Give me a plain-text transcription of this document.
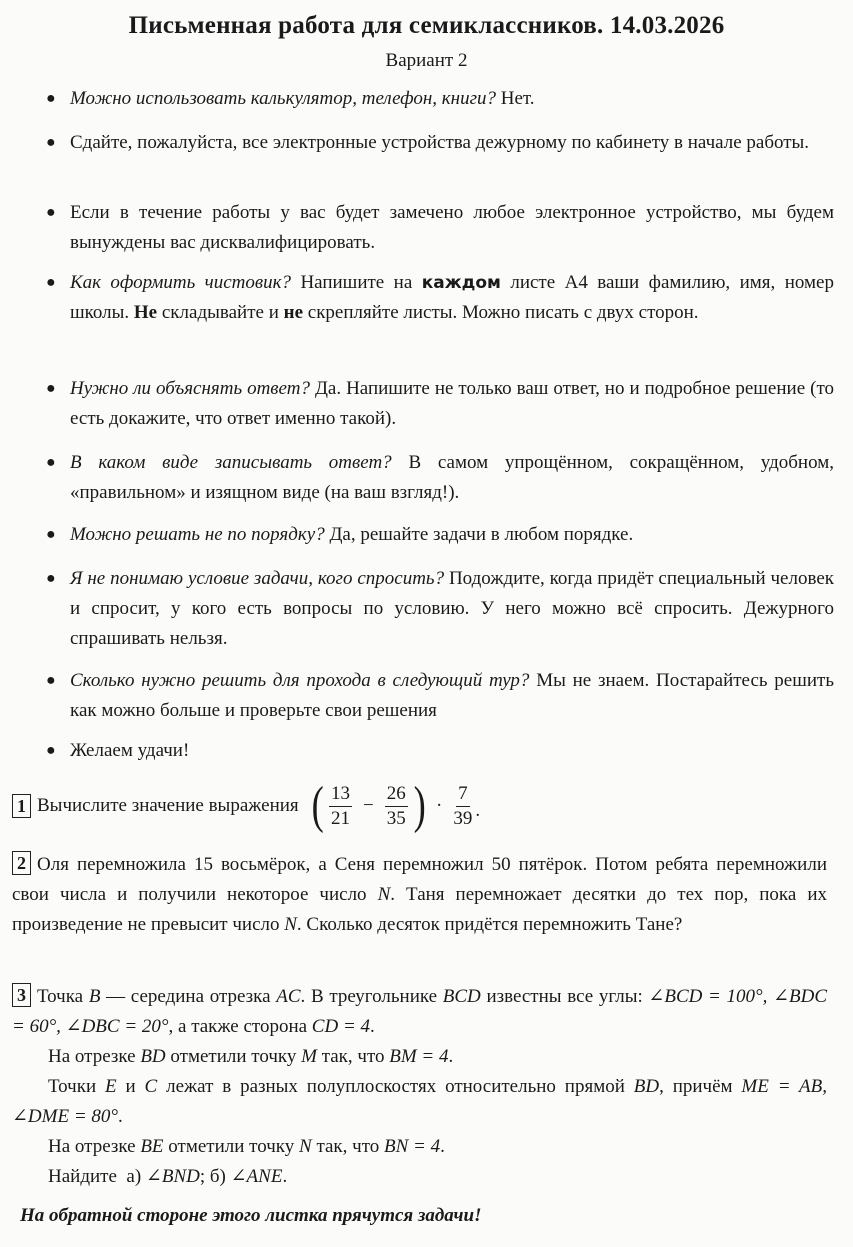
Письменная работа для семиклассников. 14.03.2026
Вариант 2
● Можно использовать калькулятор, телефон, книги? Нет.
● Сдайте, пожалуйста, все электронные устройства дежурному по кабинету в начале работы.
● Если в течение работы у вас будет замечено любое электронное устройство, мы будем вынуждены вас дисквалифицировать.
● Как оформить чистовик? Напишите на каждом листе A4 ваши фамилию, имя, номер школы. Не складывайте и не скрепляйте листы. Можно писать с двух сторон.
● Нужно ли объяснять ответ? Да. Напишите не только ваш ответ, но и подробное решение (то есть докажите, что ответ именно такой).
● В каком виде записывать ответ? В самом упрощённом, сокращённом, удобном, «правильном» и изящном виде (на ваш взгляд!).
● Можно решать не по порядку? Да, решайте задачи в любом порядке.
● Я не понимаю условие задачи, кого спросить? Подождите, когда придёт специальный человек и спросит, у кого есть вопросы по условию. У него можно всё спросить. Дежурного спрашивать нельзя.
● Сколько нужно решить для прохода в следующий тур? Мы не знаем. Постарайтесь решить как можно больше и проверьте свои решения
● Желаем удачи!
1 Вычислите значение выражения ( $\frac{13}{21} - \frac{26}{35}$ ) · $\frac{7}{39}$ .
2 Оля перемножила 15 восьмёрок, а Сеня перемножил 50 пятёрок. Потом ребята перемножили свои числа и получили некоторое число N. Таня перемножает десятки до тех пор, пока их произведение не превысит число N. Сколько десяток придётся перемножить Тане?
3 Точка B — середина отрезка AC. В треугольнике BCD известны все углы: ∠BCD = 100°, ∠BDC = 60°, ∠DBC = 20°, а также сторона CD = 4.
На отрезке BD отметили точку M так, что BM = 4.
Точки E и C лежат в разных полуплоскостях относительно прямой BD, причём ME = AB, ∠DME = 80°.
На отрезке BE отметили точку N так, что BN = 4.
Найдите  а) ∠BND; б) ∠ANE.
На обратной стороне этого листка прячутся задачи!
